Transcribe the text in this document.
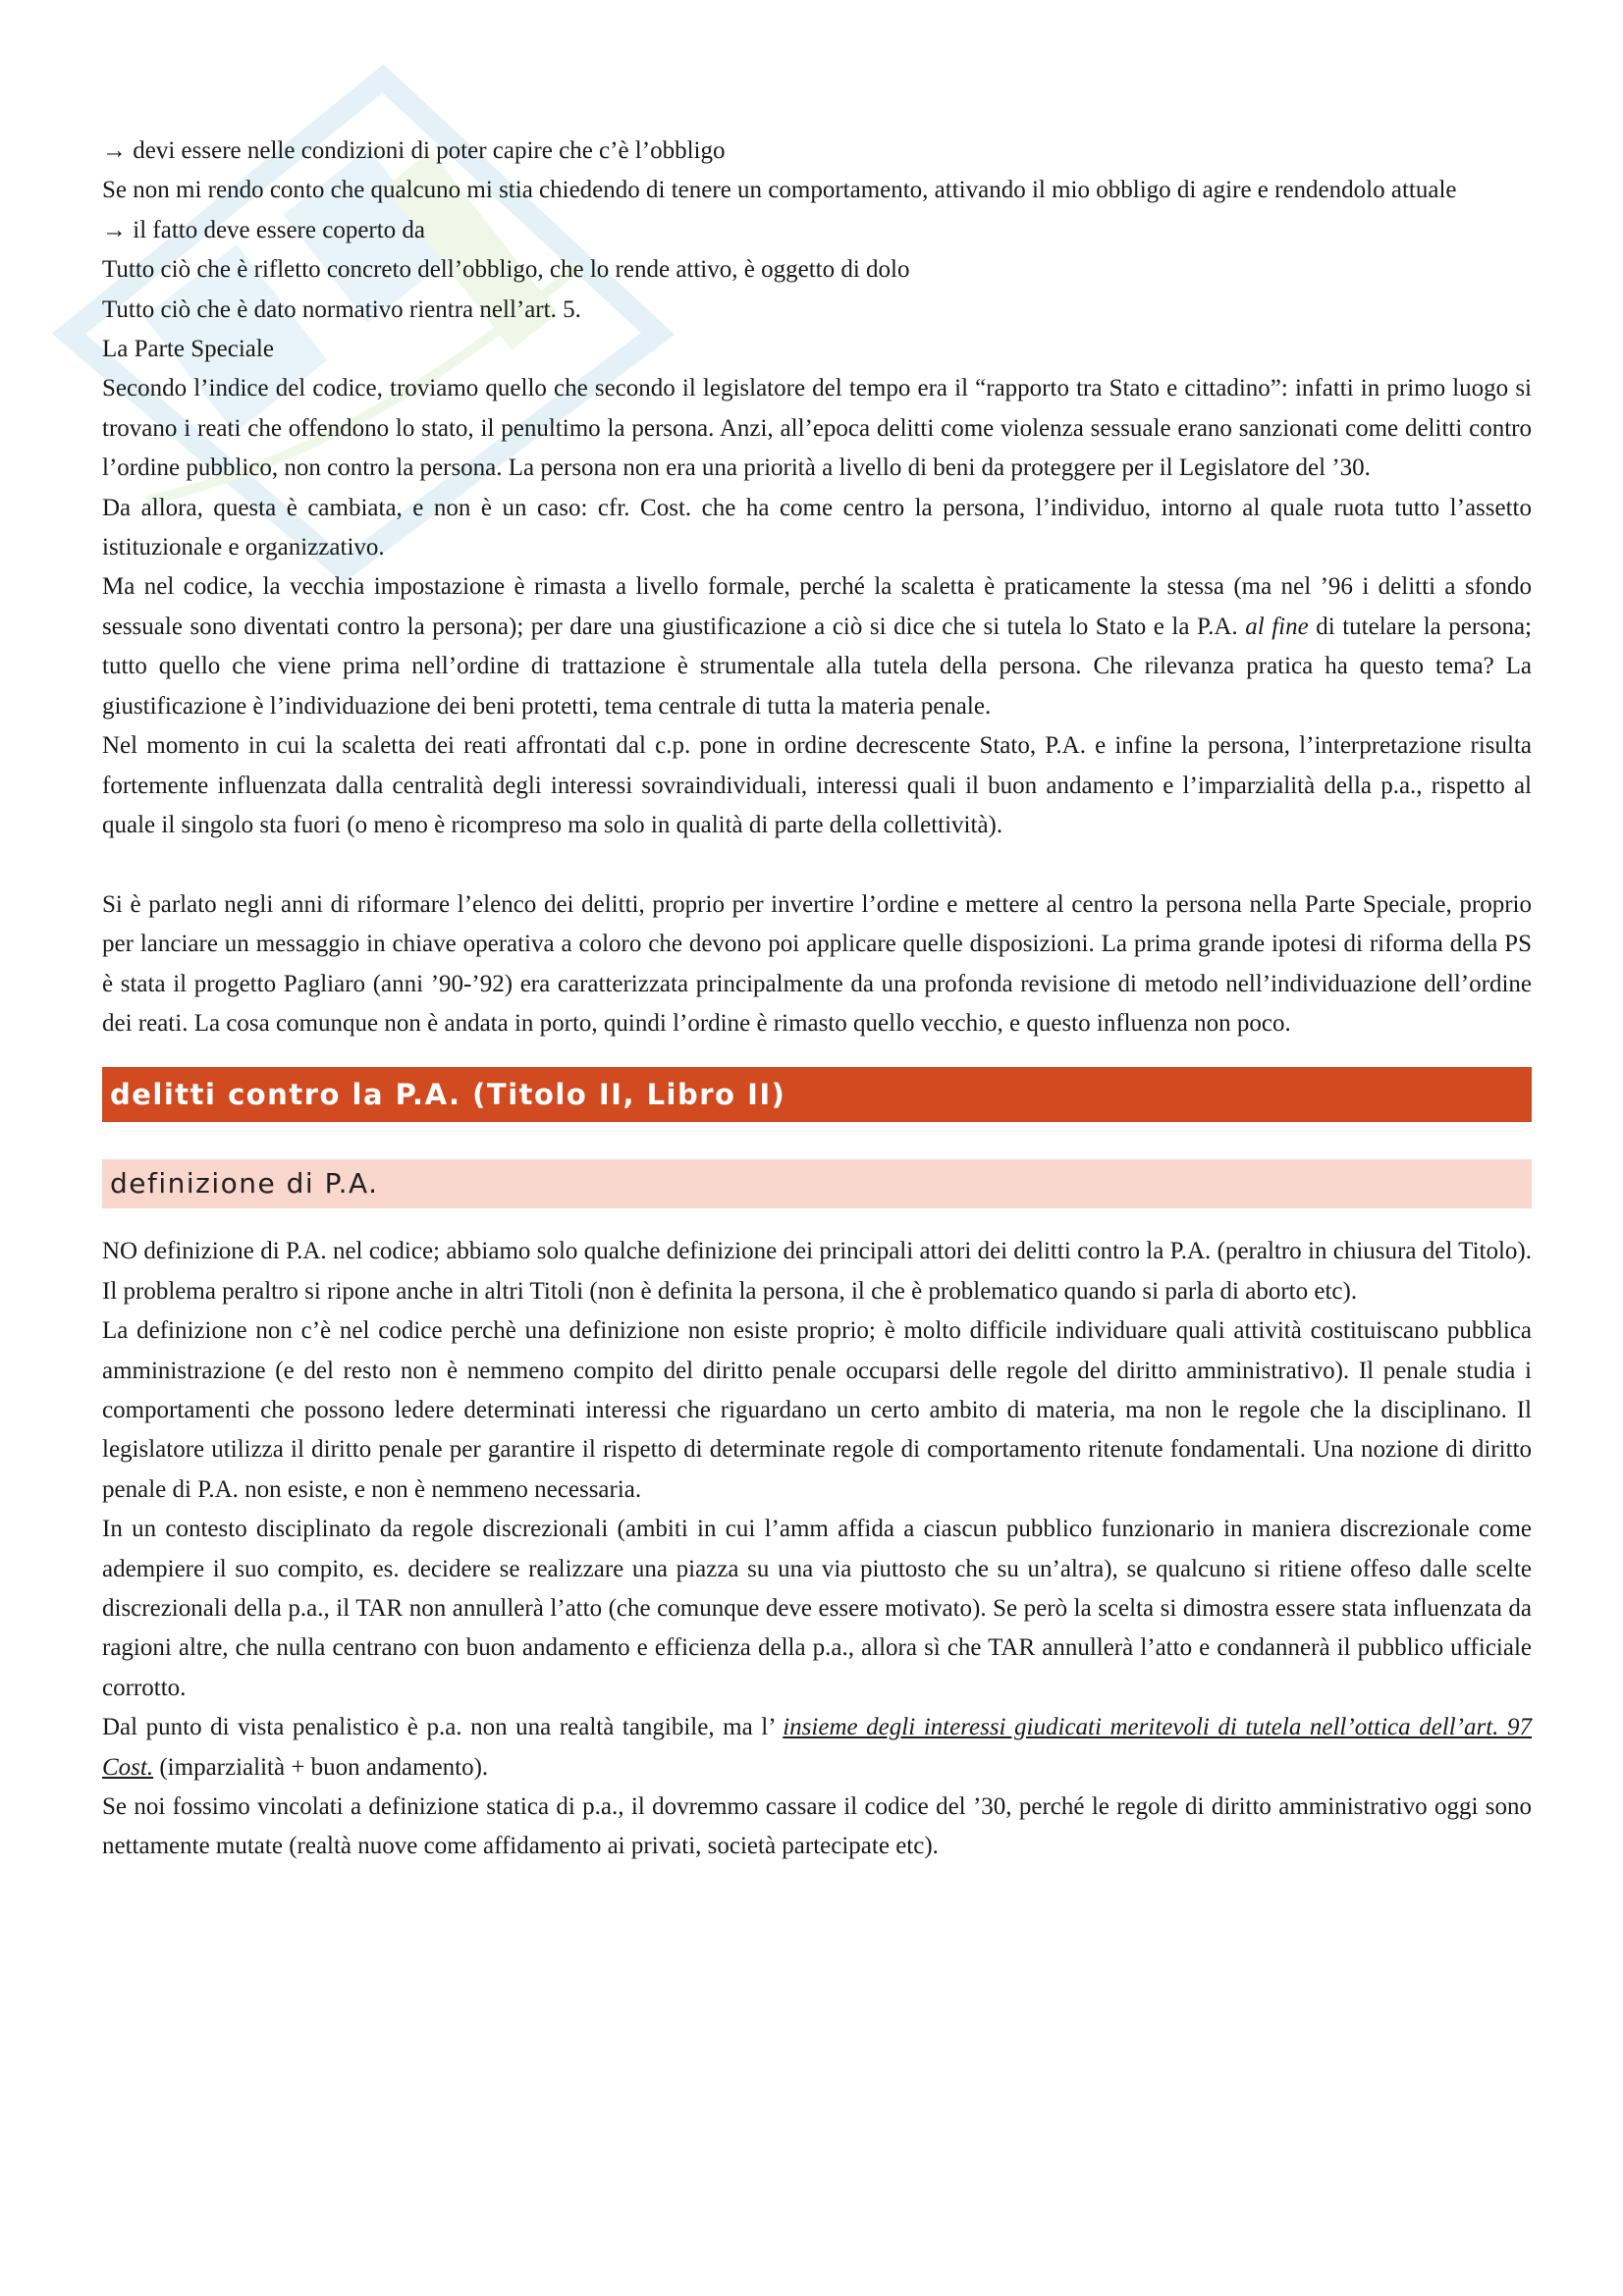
→ devi essere nelle condizioni di poter capire che c’è l’obbligo

Se non mi rendo conto che qualcuno mi stia chiedendo di tenere un comportamento, attivando il mio obbligo di agire e rendendolo attuale

→ il fatto deve essere coperto da
Tutto ciò che è rifletto concreto dell’obbligo, che lo rende attivo, è oggetto di dolo
Tutto ciò che è dato normativo rientra nell’art. 5.
La Parte Speciale

Secondo l’indice del codice, troviamo quello che secondo il legislatore del tempo era il “rapporto tra Stato e cittadino”: infatti in primo luogo si trovano i reati che offendono lo stato, il penultimo la persona. Anzi, all’epoca delitti come violenza sessuale erano sanzionati come delitti contro l’ordine pubblico, non contro la persona. La persona non era una priorità a livello di beni da proteggere per il Legislatore del ’30.

Da allora, questa è cambiata, e non è un caso: cfr. Cost. che ha come centro la persona, l’individuo, intorno al quale ruota tutto l’assetto istituzionale e organizzativo.

Ma nel codice, la vecchia impostazione è rimasta a livello formale, perché la scaletta è praticamente la stessa (ma nel ’96 i delitti a sfondo sessuale sono diventati contro la persona); per dare una giustificazione a ciò si dice che si tutela lo Stato e la P.A. al fine di tutelare la persona; tutto quello che viene prima nell’ordine di trattazione è strumentale alla tutela della persona. Che rilevanza pratica ha questo tema? La giustificazione è l’individuazione dei beni protetti, tema centrale di tutta la materia penale.

Nel momento in cui la scaletta dei reati affrontati dal c.p. pone in ordine decrescente Stato, P.A. e infine la persona, l’interpretazione risulta fortemente influenzata dalla centralità degli interessi sovraindividuali, interessi quali il buon andamento e l’imparzialità della p.a., rispetto al quale il singolo sta fuori (o meno è ricompreso ma solo in qualità di parte della collettività).

Si è parlato negli anni di riformare l’elenco dei delitti, proprio per invertire l’ordine e mettere al centro la persona nella Parte Speciale, proprio per lanciare un messaggio in chiave operativa a coloro che devono poi applicare quelle disposizioni. La prima grande ipotesi di riforma della PS è stata il progetto Pagliaro (anni ’90-’92) era caratterizzata principalmente da una profonda revisione di metodo nell’individuazione dell’ordine dei reati. La cosa comunque non è andata in porto, quindi l’ordine è rimasto quello vecchio, e questo influenza non poco.

delitti contro la P.A. (Titolo II, Libro II)
definizione di P.A.

NO definizione di P.A. nel codice; abbiamo solo qualche definizione dei principali attori dei delitti contro la P.A. (peraltro in chiusura del Titolo). Il problema peraltro si ripone anche in altri Titoli (non è definita la persona, il che è problematico quando si parla di aborto etc).

La definizione non c’è nel codice perchè una definizione non esiste proprio; è molto difficile individuare quali attività costituiscano pubblica amministrazione (e del resto non è nemmeno compito del diritto penale occuparsi delle regole del diritto amministrativo). Il penale studia i comportamenti che possono ledere determinati interessi che riguardano un certo ambito di materia, ma non le regole che la disciplinano. Il legislatore utilizza il diritto penale per garantire il rispetto di determinate regole di comportamento ritenute fondamentali. Una nozione di diritto penale di P.A. non esiste, e non è nemmeno necessaria.

In un contesto disciplinato da regole discrezionali (ambiti in cui l’amm affida a ciascun pubblico funzionario in maniera discrezionale come adempiere il suo compito, es. decidere se realizzare una piazza su una via piuttosto che su un’altra), se qualcuno si ritiene offeso dalle scelte discrezionali della p.a., il TAR non annullerà l’atto (che comunque deve essere motivato). Se però la scelta si dimostra essere stata influenzata da ragioni altre, che nulla centrano con buon andamento e efficienza della p.a., allora sì che TAR annullerà l’atto e condannerà il pubblico ufficiale corrotto.

Dal punto di vista penalistico è p.a. non una realtà tangibile, ma l’ insieme degli interessi giudicati meritevoli di tutela nell’ottica dell’art. 97 Cost. (imparzialità + buon andamento).

Se noi fossimo vincolati a definizione statica di p.a., il dovremmo cassare il codice del ’30, perché le regole di diritto amministrativo oggi sono nettamente mutate (realtà nuove come affidamento ai privati, società partecipate etc).
